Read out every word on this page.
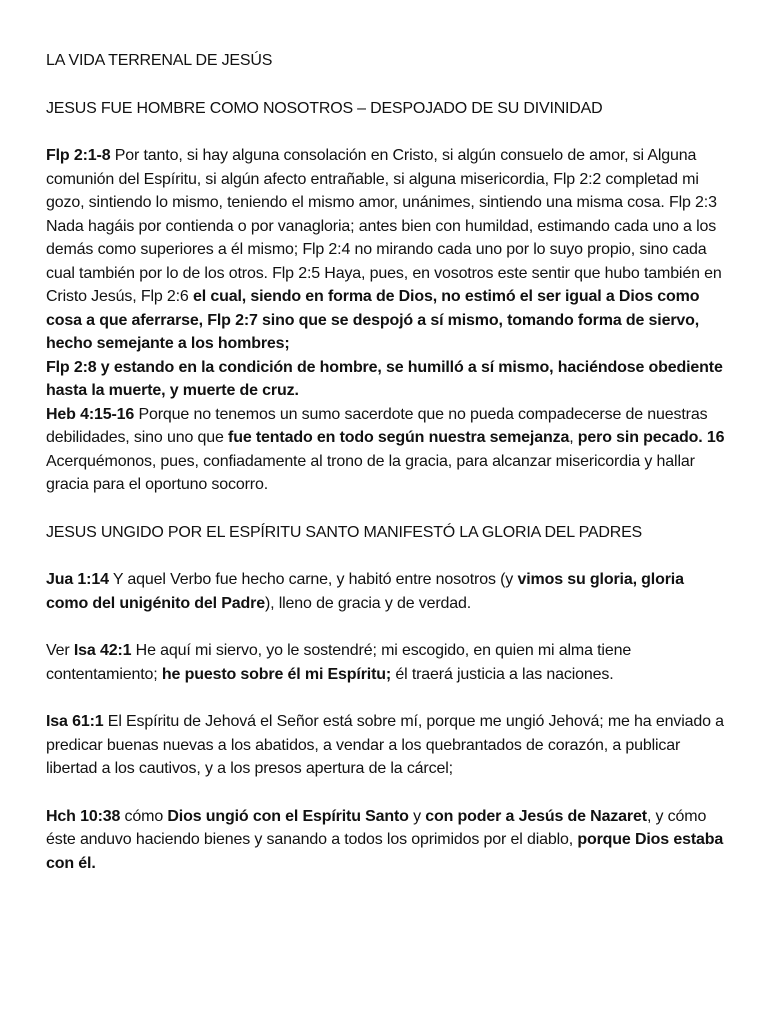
LA VIDA TERRENAL DE JESÚS
JESUS FUE HOMBRE COMO NOSOTROS – DESPOJADO DE SU DIVINIDAD

Flp 2:1-8 Por tanto, si hay alguna consolación en Cristo, si algún consuelo de amor, si Alguna comunión del Espíritu, si algún afecto entrañable, si alguna misericordia, Flp 2:2 completad mi gozo, sintiendo lo mismo, teniendo el mismo amor, unánimes, sintiendo una misma cosa. Flp 2:3 Nada hagáis por contienda o por vanagloria; antes bien con humildad, estimando cada uno a los demás como superiores a él mismo; Flp 2:4 no mirando cada uno por lo suyo propio, sino cada cual también por lo de los otros. Flp 2:5 Haya, pues, en vosotros este sentir que hubo también en Cristo Jesús, Flp 2:6 el cual, siendo en forma de Dios, no estimó el ser igual a Dios como cosa a que aferrarse, Flp 2:7 sino que se despojó a sí mismo, tomando forma de siervo, hecho semejante a los hombres;
Flp 2:8 y estando en la condición de hombre, se humilló a sí mismo, haciéndose obediente hasta la muerte, y muerte de cruz.
Heb 4:15-16 Porque no tenemos un sumo sacerdote que no pueda compadecerse de nuestras debilidades, sino uno que fue tentado en todo según nuestra semejanza, pero sin pecado. 16 Acerquémonos, pues, confiadamente al trono de la gracia, para alcanzar misericordia y hallar gracia para el oportuno socorro.

JESUS UNGIDO POR EL ESPÍRITU SANTO MANIFESTÓ LA GLORIA DEL PADRES

Jua 1:14 Y aquel Verbo fue hecho carne, y habitó entre nosotros (y vimos su gloria, gloria como del unigénito del Padre), lleno de gracia y de verdad.

Ver Isa 42:1 He aquí mi siervo, yo le sostendré; mi escogido, en quien mi alma tiene contentamiento; he puesto sobre él mi Espíritu; él traerá justicia a las naciones.

Isa 61:1 El Espíritu de Jehová el Señor está sobre mí, porque me ungió Jehová; me ha enviado a predicar buenas nuevas a los abatidos, a vendar a los quebrantados de corazón, a publicar libertad a los cautivos, y a los presos apertura de la cárcel;

Hch 10:38 cómo Dios ungió con el Espíritu Santo y con poder a Jesús de Nazaret, y cómo éste anduvo haciendo bienes y sanando a todos los oprimidos por el diablo, porque Dios estaba con él.
